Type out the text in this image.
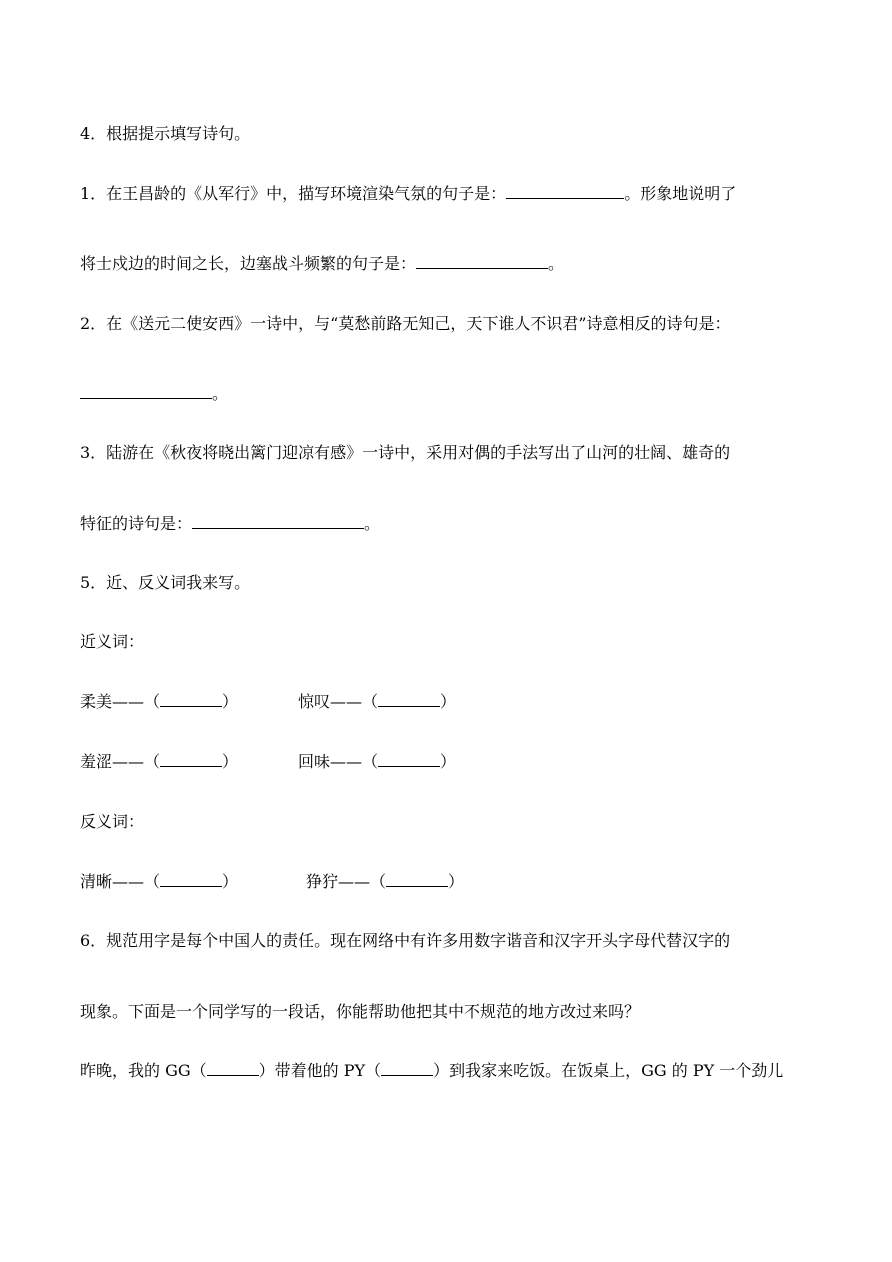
4．根据提示填写诗句。
1．在王昌龄的《从军行》中，描写环境渲染气氛的句子是：	。形象地说明了
将士戍边的时间之长，边塞战斗频繁的句子是：	。
2．在《送元二使安西》一诗中，与“莫愁前路无知己，天下谁人不识君”诗意相反的诗句是：
。
3．陆游在《秋夜将晓出篱门迎凉有感》一诗中，采用对偶的手法写出了山河的壮阔、雄奇的
特征的诗句是：	。
5．近、反义词我来写。
近义词：
柔美——（	）	惊叹——（	）
羞涩——（	）	回味——（	）
反义词：
清晰——（	）	狰狞——（	）
6．规范用字是每个中国人的责任。现在网络中有许多用数字谐音和汉字开头字母代替汉字的
现象。下面是一个同学写的一段话，你能帮助他把其中不规范的地方改过来吗？
昨晚，我的 GG（	）带着他的 PY（	）到我家来吃饭。在饭桌上，GG 的 PY 一个劲儿
